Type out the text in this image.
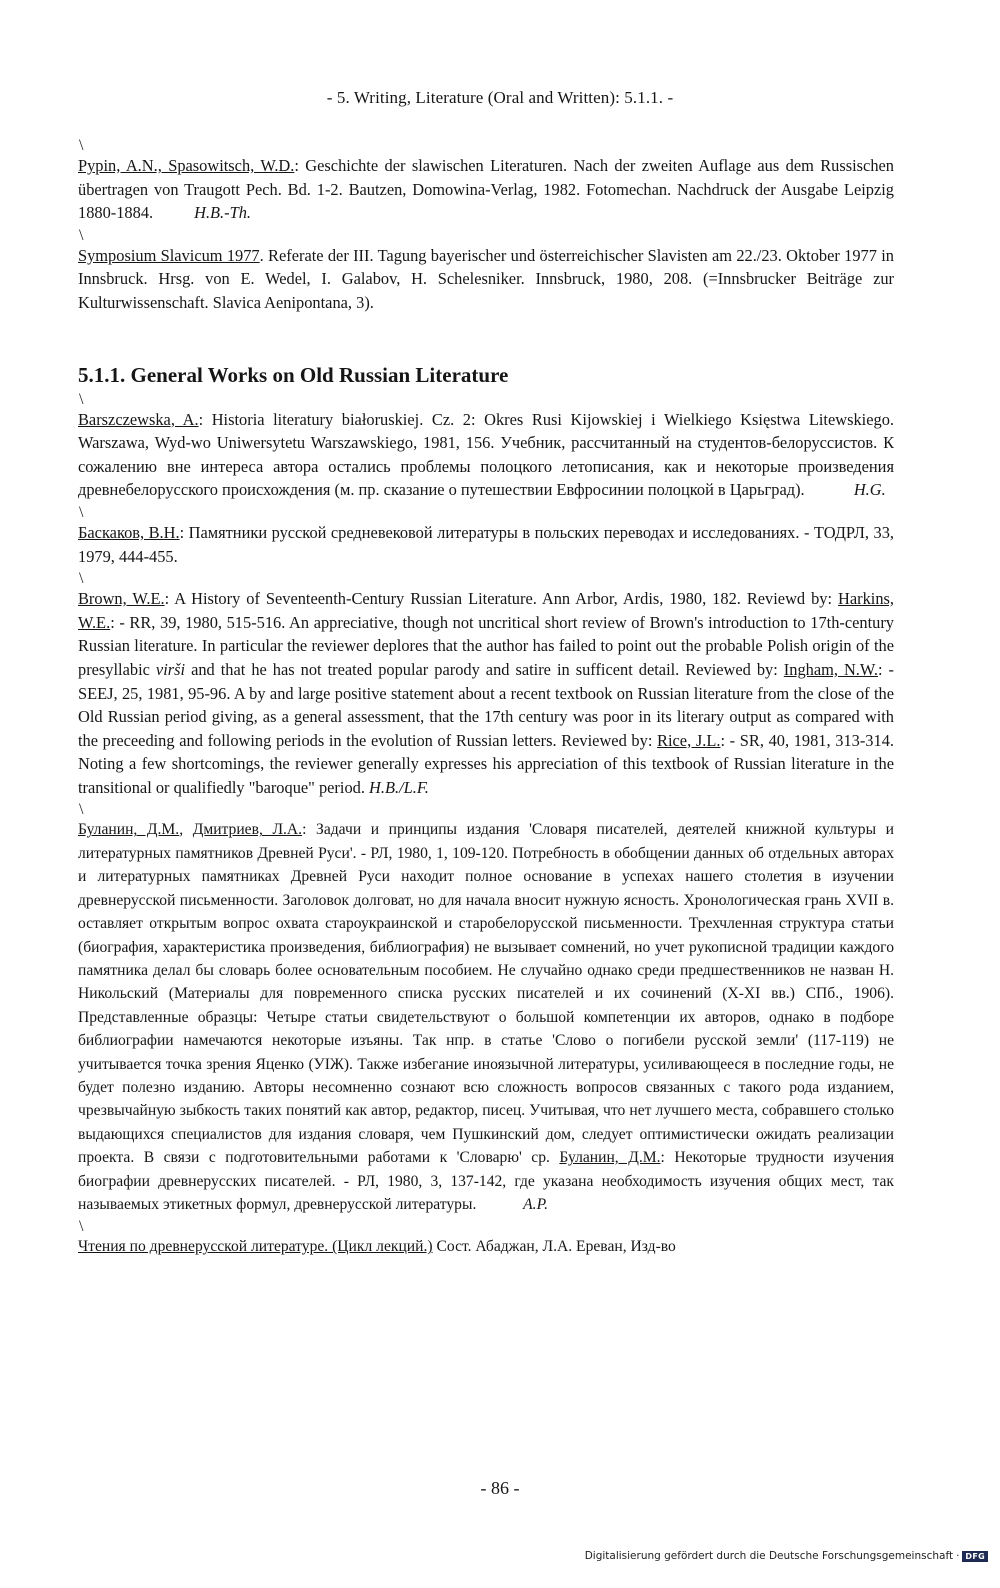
- 5. Writing, Literature (Oral and Written): 5.1.1. -
\

Pypin, A.N., Spasowitsch, W.D.: Geschichte der slawischen Literaturen. Nach der zweiten Auflage aus dem Russischen übertragen von Traugott Pech. Bd. 1-2. Bautzen, Domowina-Verlag, 1982. Fotomechan. Nachdruck der Ausgabe Leipzig 1880-1884. H.B.-Th.

\

Symposium Slavicum 1977. Referate der III. Tagung bayerischer und österreichischer Slavisten am 22./23. Oktober 1977 in Innsbruck. Hrsg. von E. Wedel, I. Galabov, H. Schelesniker. Innsbruck, 1980, 208. (=Innsbrucker Beiträge zur Kulturwissenschaft. Slavica Aenipontana, 3).

5.1.1. General Works on Old Russian Literature
\

Barszczewska, A.: Historia literatury białoruskiej. Cz. 2: Okres Rusi Kijowskiej i Wielkiego Księstwa Litewskiego. Warszawa, Wyd-wo Uniwersytetu Warszawskiego, 1981, 156. Учебник, рассчитанный на студентов-белоруссистов. К сожалению вне интереса автора остались проблемы полоцкого летописания, как и некоторые произведения древнебелорусского происхождения (м. пр. сказание о путешествии Евфросинии полоцкой в Царьград).	H.G.

\

Баскаков, В.Н.: Памятники русской средневековой литературы в польских переводах и исследованиях. - ТОДРЛ, 33, 1979, 444-455.

\

Brown, W.E.: A History of Seventeenth-Century Russian Literature. Ann Arbor, Ardis, 1980, 182. Reviewd by: Harkins, W.E.: - RR, 39, 1980, 515-516. An appreciative, though not uncritical short review of Brown's introduction to 17th-century Russian literature. In particular the reviewer deplores that the author has failed to point out the probable Polish origin of the presyllabic virši and that he has not treated popular parody and satire in sufficent detail. Reviewed by: Ingham, N.W.: - SEEJ, 25, 1981, 95-96. A by and large positive statement about a recent textbook on Russian literature from the close of the Old Russian period giving, as a general assessment, that the 17th century was poor in its literary output as compared with the preceeding and following periods in the evolution of Russian letters. Reviewed by: Rice, J.L.: - SR, 40, 1981, 313-314. Noting a few shortcomings, the reviewer generally expresses his appreciation of this textbook of Russian literature in the transitional or qualifiedly "baroque" period. H.B./L.F.

\

Буланин, Д.М., Дмитриев, Л.А.: Задачи и принципы издания 'Словаря писателей, деятелей книжной культуры и литературных памятников Древней Руси'. - РЛ, 1980, 1, 109-120. Потребность в обобщении данных об отдельных авторах и литературных памятниках Древней Руси находит полное основание в успехах нашего столетия в изучении древнерусской письменности. Заголовок долговат, но для начала вносит нужную ясность. Хронологическая грань XVII в. оставляет открытым вопрос охвата староукраинской и старобелорусской письменности. Трехчленная структура статьи (биография, характеристика произведения, библиография) не вызывает сомнений, но учет рукописной традиции каждого памятника делал бы словарь более основательным пособием. Не случайно однако среди предшественников не назван Н. Никольский (Материалы для повременного списка русских писателей и их сочинений (X-XI вв.) СПб., 1906). Представленные образцы: Четыре статьи свидетельствуют о большой компетенции их авторов, однако в подборе библиографии намечаются некоторые изъяны. Так нпр. в статье 'Слово о погибели русской земли' (117-119) не учитывается точка зрения Яценко (УІЖ). Также избегание иноязычной литературы, усиливающееся в последние годы, не будет полезно изданию. Авторы несомненно сознают всю сложность вопросов связанных с такого рода изданием, чрезвычайную зыбкость таких понятий как автор, редактор, писец. Учитывая, что нет лучшего места, собравшего столько выдающихся специалистов для издания словаря, чем Пушкинский дом, следует оптимистически ожидать реализации проекта. В связи с подготовительными работами к 'Словарю' ср. Буланин, Д.М.: Некоторые трудности изучения биографии древнерусских писателей. - РЛ, 1980, 3, 137-142, где указана необходимость изучения общих мест, так называемых этикетных формул, древнерусской литературы.	A.P.

\

Чтения по древнерусской литературе. (Цикл лекций.) Сост. Абаджан, Л.А. Ереван, Изд-во

- 86 -
Digitalisierung gefördert durch die Deutsche Forschungsgemeinschaft · DFG
